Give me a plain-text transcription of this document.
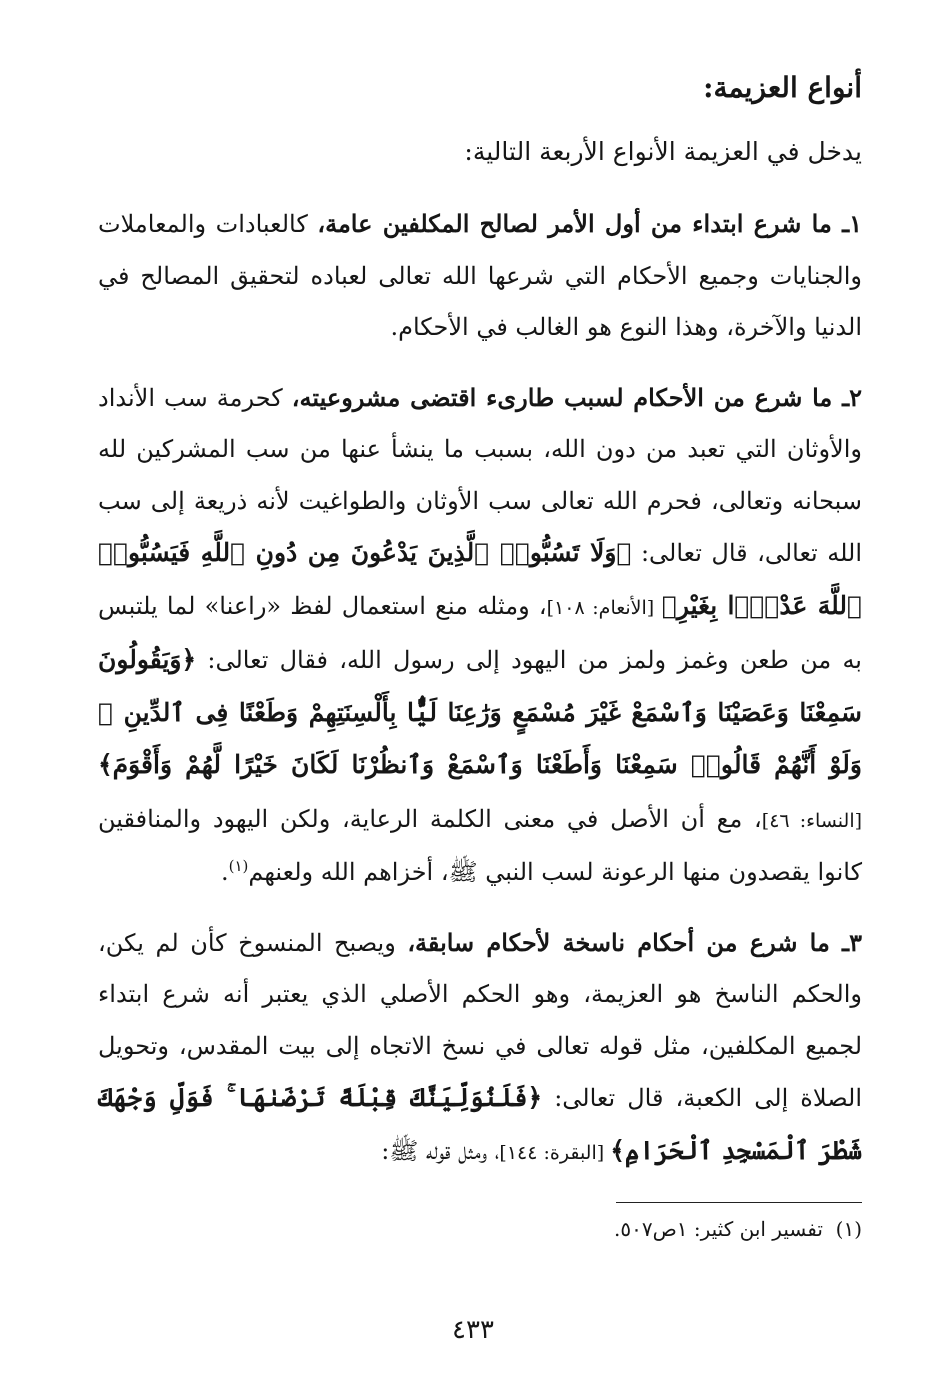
أنواع العزيمة:

يدخل في العزيمة الأنواع الأربعة التالية:

١ـ ما شرع ابتداء من أول الأمر لصالح المكلفين عامة، كالعبادات والمعاملات والجنايات وجميع الأحكام التي شرعها الله تعالى لعباده لتحقيق المصالح في الدنيا والآخرة، وهذا النوع هو الغالب في الأحكام.

٢ـ ما شرع من الأحكام لسبب طارىء اقتضى مشروعيته، كحرمة سب الأنداد والأوثان التي تعبد من دون الله، بسبب ما ينشأ عنها من سب المشركين لله سبحانه وتعالى، فحرم الله تعالى سب الأوثان والطواغيت لأنه ذريعة إلى سب الله تعالى، قال تعالى: ﴿وَلَا تَسُبُّوا۟ ٱلَّذِينَ يَدْعُونَ مِن دُونِ ٱللَّهِ فَيَسُبُّوا۟ ٱللَّهَ عَدْوًۢا بِغَيْرِ﴾ [الأنعام: ١٠٨]، ومثله منع استعمال لفظ «راعنا» لما يلتبس به من طعن وغمز ولمز من اليهود إلى رسول الله، فقال تعالى: ﴿وَيَقُولُونَ سَمِعْنَا وَعَصَيْنَا وَٱسْمَعْ غَيْرَ مُسْمَعٍ وَرَٰعِنَا لَيًّۢا بِأَلْسِنَتِهِمْ وَطَعْنًا فِى ٱلدِّينِ ۚ وَلَوْ أَنَّهُمْ قَالُوا۟ سَمِعْنَا وَأَطَعْنَا وَٱسْمَعْ وَٱنظُرْنَا لَكَانَ خَيْرًا لَّهُمْ وَأَقْوَمَ﴾ [النساء: ٤٦]، مع أن الأصل في معنى الكلمة الرعاية، ولكن اليهود والمنافقين كانوا يقصدون منها الرعونة لسب النبي ﷺ، أخزاهم الله ولعنهم$^{(١)}$.

٣ـ ما شرع من أحكام ناسخة لأحكام سابقة، ويصبح المنسوخ كأن لم يكن، والحكم الناسخ هو العزيمة، وهو الحكم الأصلي الذي يعتبر أنه شرع ابتداء لجميع المكلفين، مثل قوله تعالى في نسخ الاتجاه إلى بيت المقدس، وتحويل الصلاة إلى الكعبة، قال تعالى: ﴿فَلَنُوَلِّيَنَّكَ قِبْلَةً تَرْضَىٰهَا ۚ فَوَلِّ وَجْهَكَ شَطْرَ ٱلْمَسْجِدِ ٱلْحَرَامِ﴾ [البقرة: ١٤٤]، ومثل قوله ﷺ:

(١)  تفسير ابن كثير: ١ص٥٠٧.
٤٣٣
